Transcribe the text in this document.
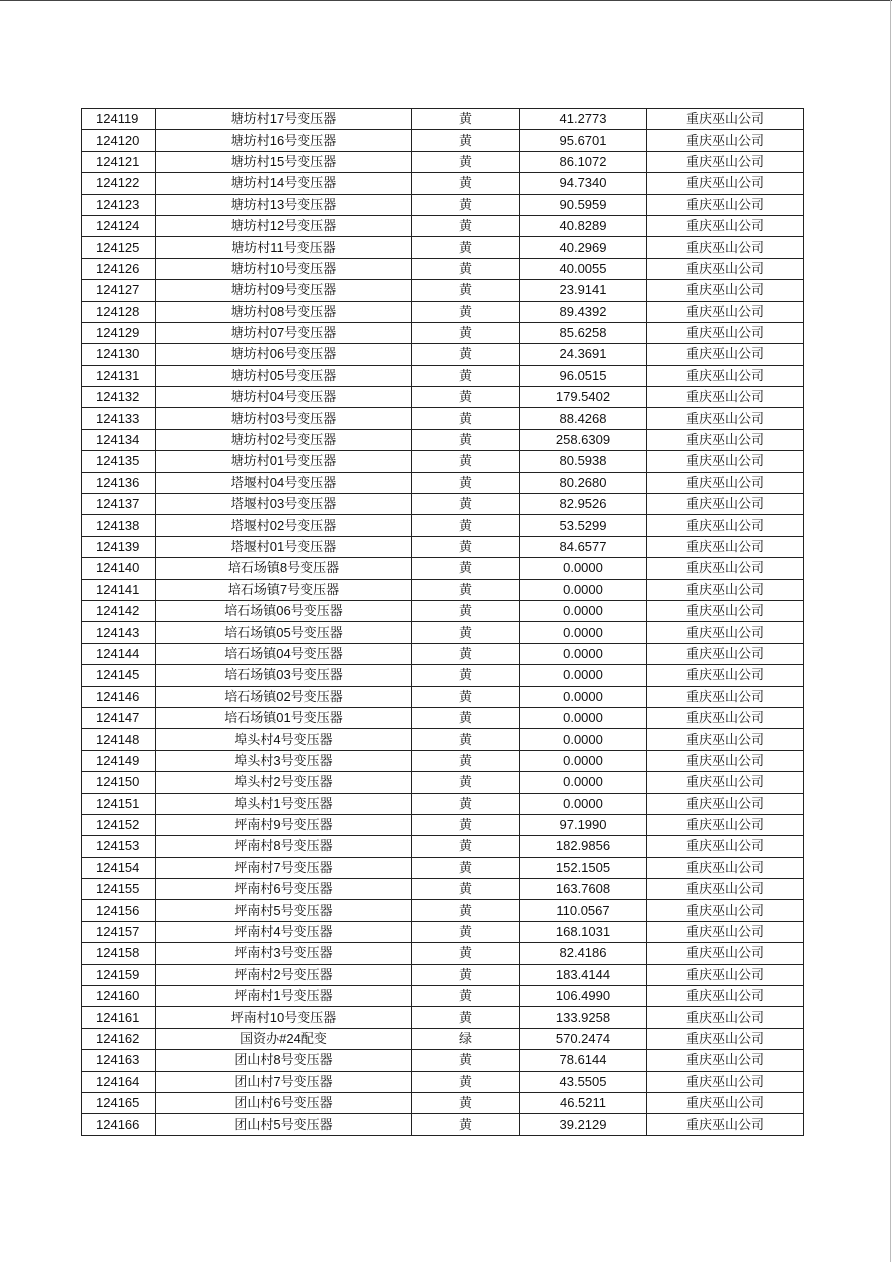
124119	塘坊村17号变压器	黄	41.2773	重庆巫山公司
124120	塘坊村16号变压器	黄	95.6701	重庆巫山公司
124121	塘坊村15号变压器	黄	86.1072	重庆巫山公司
124122	塘坊村14号变压器	黄	94.7340	重庆巫山公司
124123	塘坊村13号变压器	黄	90.5959	重庆巫山公司
124124	塘坊村12号变压器	黄	40.8289	重庆巫山公司
124125	塘坊村11号变压器	黄	40.2969	重庆巫山公司
124126	塘坊村10号变压器	黄	40.0055	重庆巫山公司
124127	塘坊村09号变压器	黄	23.9141	重庆巫山公司
124128	塘坊村08号变压器	黄	89.4392	重庆巫山公司
124129	塘坊村07号变压器	黄	85.6258	重庆巫山公司
124130	塘坊村06号变压器	黄	24.3691	重庆巫山公司
124131	塘坊村05号变压器	黄	96.0515	重庆巫山公司
124132	塘坊村04号变压器	黄	179.5402	重庆巫山公司
124133	塘坊村03号变压器	黄	88.4268	重庆巫山公司
124134	塘坊村02号变压器	黄	258.6309	重庆巫山公司
124135	塘坊村01号变压器	黄	80.5938	重庆巫山公司
124136	塔堰村04号变压器	黄	80.2680	重庆巫山公司
124137	塔堰村03号变压器	黄	82.9526	重庆巫山公司
124138	塔堰村02号变压器	黄	53.5299	重庆巫山公司
124139	塔堰村01号变压器	黄	84.6577	重庆巫山公司
124140	培石场镇8号变压器	黄	0.0000	重庆巫山公司
124141	培石场镇7号变压器	黄	0.0000	重庆巫山公司
124142	培石场镇06号变压器	黄	0.0000	重庆巫山公司
124143	培石场镇05号变压器	黄	0.0000	重庆巫山公司
124144	培石场镇04号变压器	黄	0.0000	重庆巫山公司
124145	培石场镇03号变压器	黄	0.0000	重庆巫山公司
124146	培石场镇02号变压器	黄	0.0000	重庆巫山公司
124147	培石场镇01号变压器	黄	0.0000	重庆巫山公司
124148	埠头村4号变压器	黄	0.0000	重庆巫山公司
124149	埠头村3号变压器	黄	0.0000	重庆巫山公司
124150	埠头村2号变压器	黄	0.0000	重庆巫山公司
124151	埠头村1号变压器	黄	0.0000	重庆巫山公司
124152	坪南村9号变压器	黄	97.1990	重庆巫山公司
124153	坪南村8号变压器	黄	182.9856	重庆巫山公司
124154	坪南村7号变压器	黄	152.1505	重庆巫山公司
124155	坪南村6号变压器	黄	163.7608	重庆巫山公司
124156	坪南村5号变压器	黄	110.0567	重庆巫山公司
124157	坪南村4号变压器	黄	168.1031	重庆巫山公司
124158	坪南村3号变压器	黄	82.4186	重庆巫山公司
124159	坪南村2号变压器	黄	183.4144	重庆巫山公司
124160	坪南村1号变压器	黄	106.4990	重庆巫山公司
124161	坪南村10号变压器	黄	133.9258	重庆巫山公司
124162	国资办#24配变	绿	570.2474	重庆巫山公司
124163	团山村8号变压器	黄	78.6144	重庆巫山公司
124164	团山村7号变压器	黄	43.5505	重庆巫山公司
124165	团山村6号变压器	黄	46.5211	重庆巫山公司
124166	团山村5号变压器	黄	39.2129	重庆巫山公司
